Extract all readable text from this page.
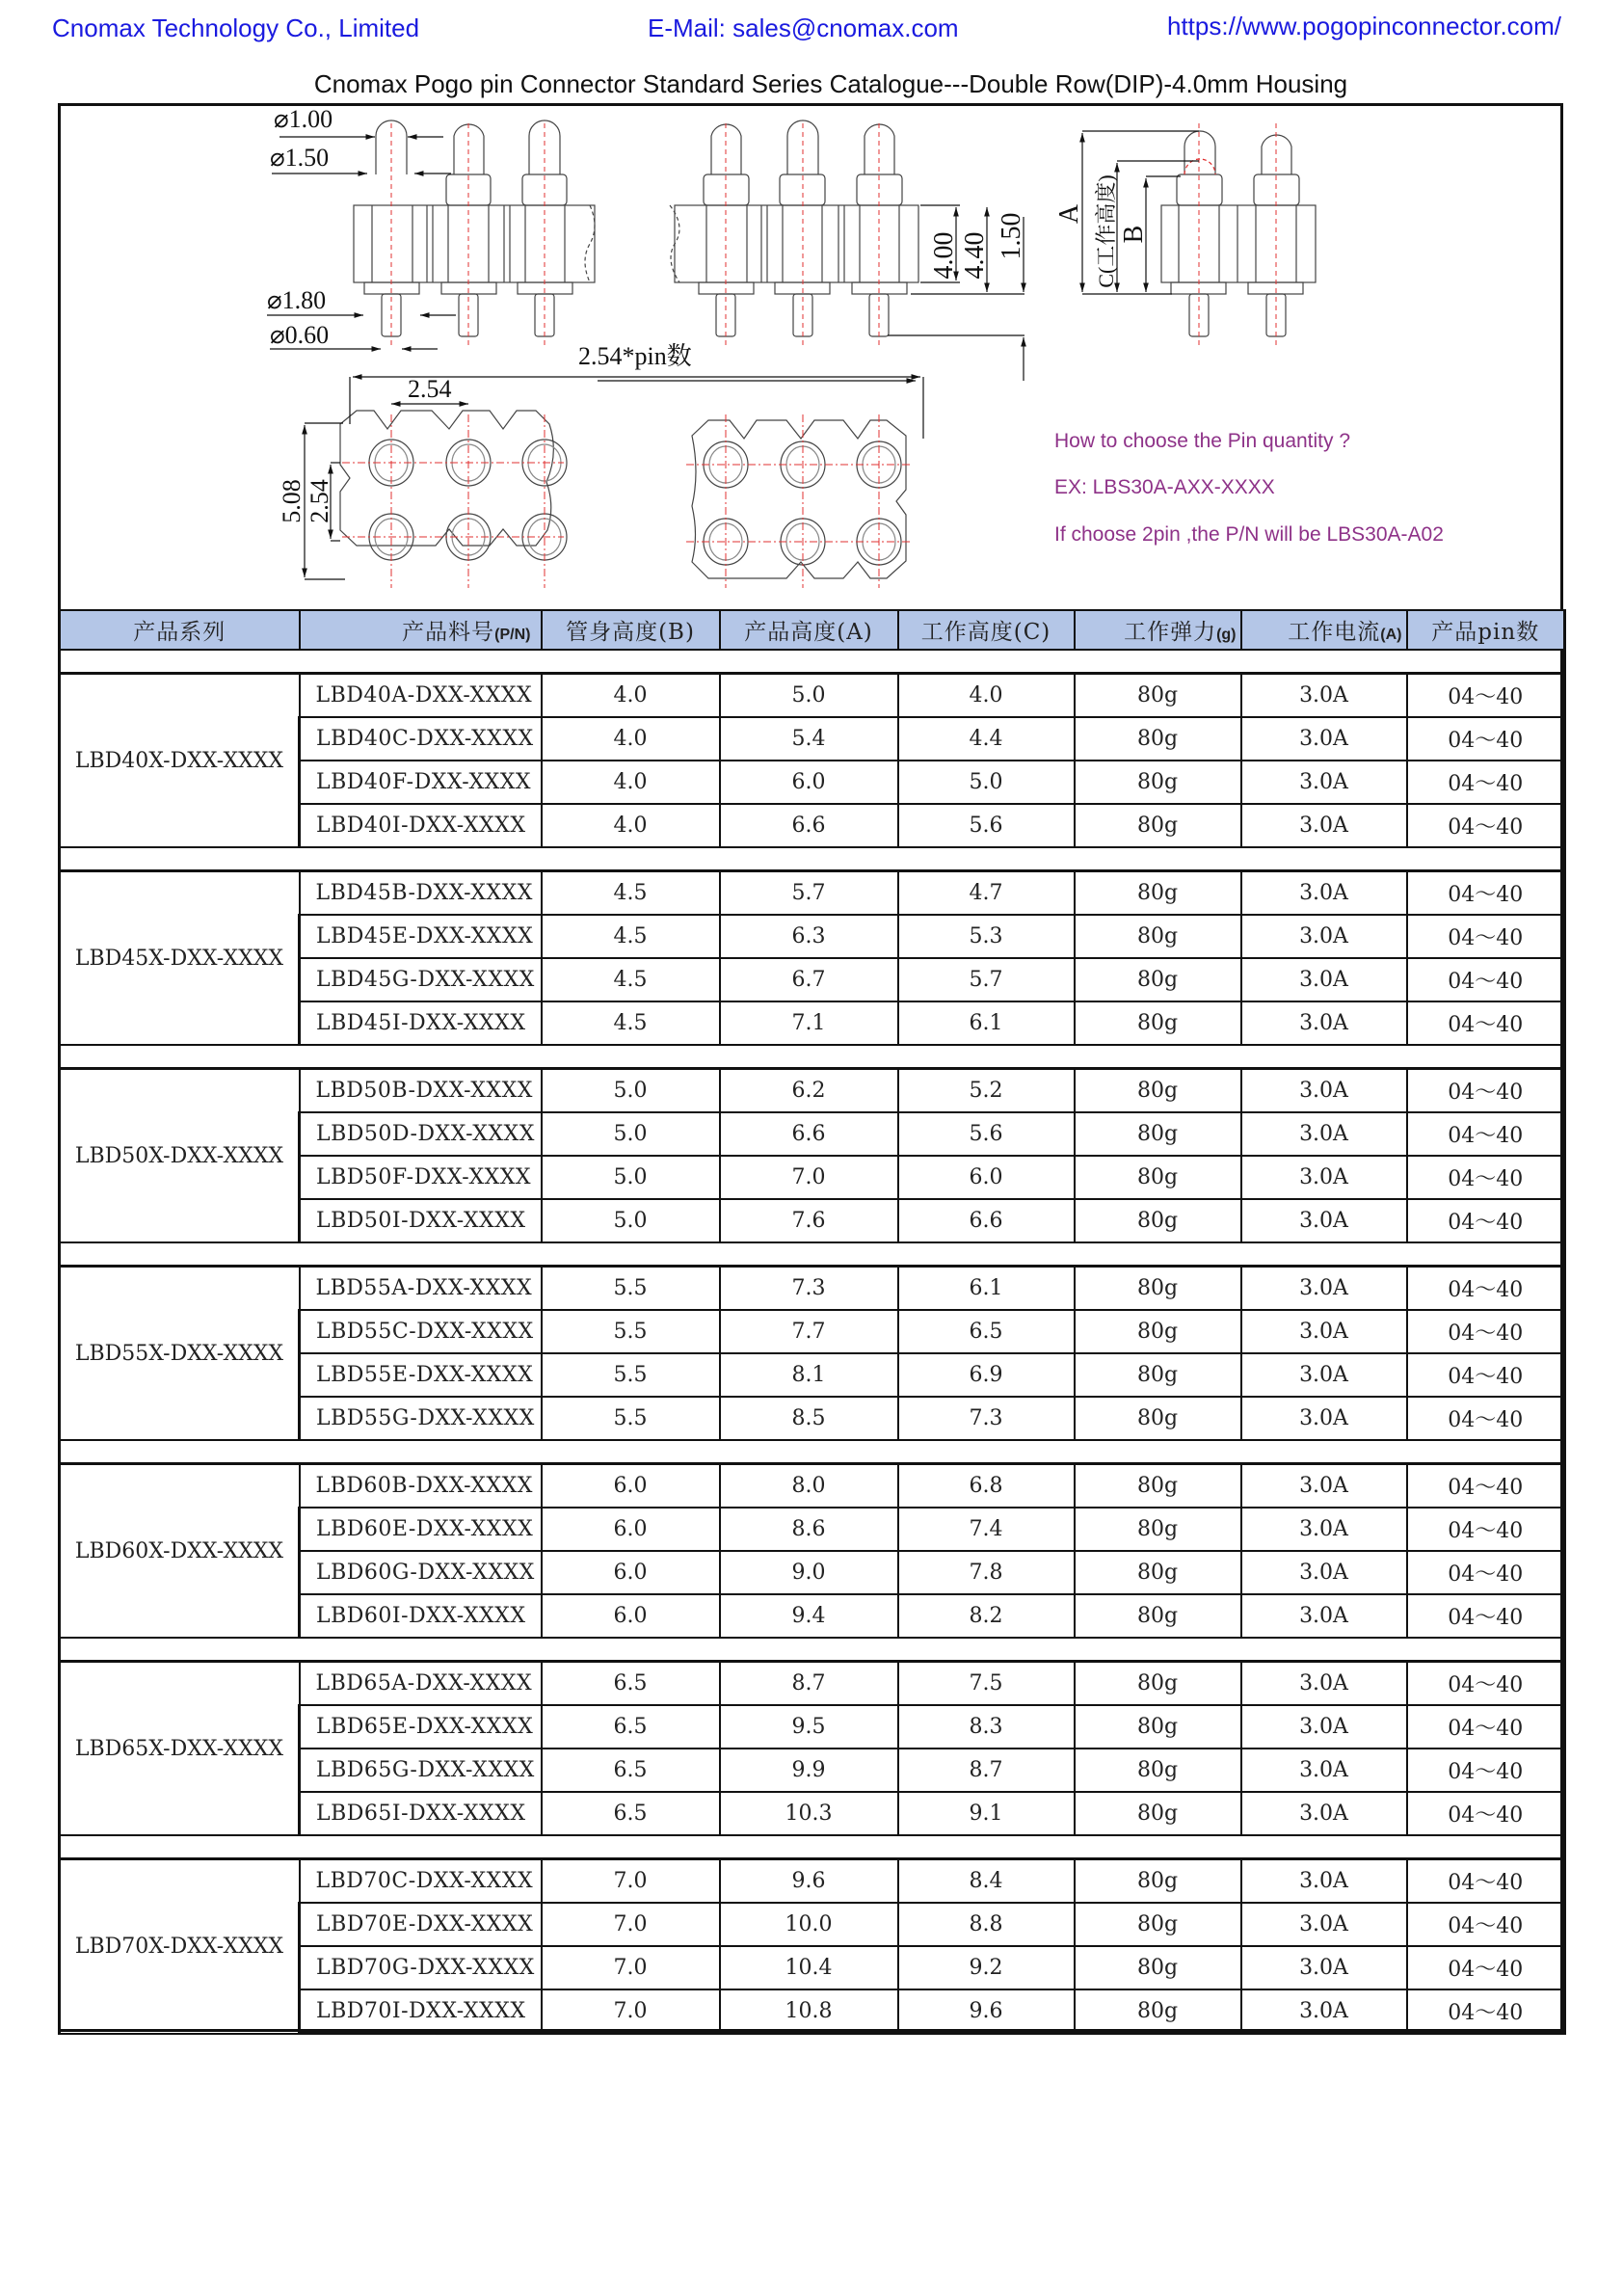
Cnomax Technology Co., Limited	E-Mail: sales@cnomax.com	https://www.pogopinconnector.com/
Cnomax Pogo pin Connector Standard Series Catalogue---Double Row(DIP)-4.0mm Housing
⌀1.00
⌀1.50
⌀1.80
⌀0.60
2.54*pin数
4.00 4.40 1.50 A C(工作高度) B
2.54
5.08 2.54
How to choose the Pin quantity ?
EX: LBS30A-AXX-XXXX
If choose 2pin ,the P/N will be LBS30A-A02
产品系列	产品料号(P/N)	管身高度(B)	产品高度(A)	工作高度(C)	工作弹力(g)	工作电流(A)	产品pin数

LBD40X-DXX-XXXX	LBD40A-DXX-XXXX	4.0	5.0	4.0	80g	3.0A	04～40
	LBD40C-DXX-XXXX	4.0	5.4	4.4	80g	3.0A	04～40
	LBD40F-DXX-XXXX	4.0	6.0	5.0	80g	3.0A	04～40
	LBD40I-DXX-XXXX	4.0	6.6	5.6	80g	3.0A	04～40

LBD45X-DXX-XXXX	LBD45B-DXX-XXXX	4.5	5.7	4.7	80g	3.0A	04～40
	LBD45E-DXX-XXXX	4.5	6.3	5.3	80g	3.0A	04～40
	LBD45G-DXX-XXXX	4.5	6.7	5.7	80g	3.0A	04～40
	LBD45I-DXX-XXXX	4.5	7.1	6.1	80g	3.0A	04～40

LBD50X-DXX-XXXX	LBD50B-DXX-XXXX	5.0	6.2	5.2	80g	3.0A	04～40
	LBD50D-DXX-XXXX	5.0	6.6	5.6	80g	3.0A	04～40
	LBD50F-DXX-XXXX	5.0	7.0	6.0	80g	3.0A	04～40
	LBD50I-DXX-XXXX	5.0	7.6	6.6	80g	3.0A	04～40

LBD55X-DXX-XXXX	LBD55A-DXX-XXXX	5.5	7.3	6.1	80g	3.0A	04～40
	LBD55C-DXX-XXXX	5.5	7.7	6.5	80g	3.0A	04～40
	LBD55E-DXX-XXXX	5.5	8.1	6.9	80g	3.0A	04～40
	LBD55G-DXX-XXXX	5.5	8.5	7.3	80g	3.0A	04～40

LBD60X-DXX-XXXX	LBD60B-DXX-XXXX	6.0	8.0	6.8	80g	3.0A	04～40
	LBD60E-DXX-XXXX	6.0	8.6	7.4	80g	3.0A	04～40
	LBD60G-DXX-XXXX	6.0	9.0	7.8	80g	3.0A	04～40
	LBD60I-DXX-XXXX	6.0	9.4	8.2	80g	3.0A	04～40

LBD65X-DXX-XXXX	LBD65A-DXX-XXXX	6.5	8.7	7.5	80g	3.0A	04～40
	LBD65E-DXX-XXXX	6.5	9.5	8.3	80g	3.0A	04～40
	LBD65G-DXX-XXXX	6.5	9.9	8.7	80g	3.0A	04～40
	LBD65I-DXX-XXXX	6.5	10.3	9.1	80g	3.0A	04～40

LBD70X-DXX-XXXX	LBD70C-DXX-XXXX	7.0	9.6	8.4	80g	3.0A	04～40
	LBD70E-DXX-XXXX	7.0	10.0	8.8	80g	3.0A	04～40
	LBD70G-DXX-XXXX	7.0	10.4	9.2	80g	3.0A	04～40
	LBD70I-DXX-XXXX	7.0	10.8	9.6	80g	3.0A	04～40
